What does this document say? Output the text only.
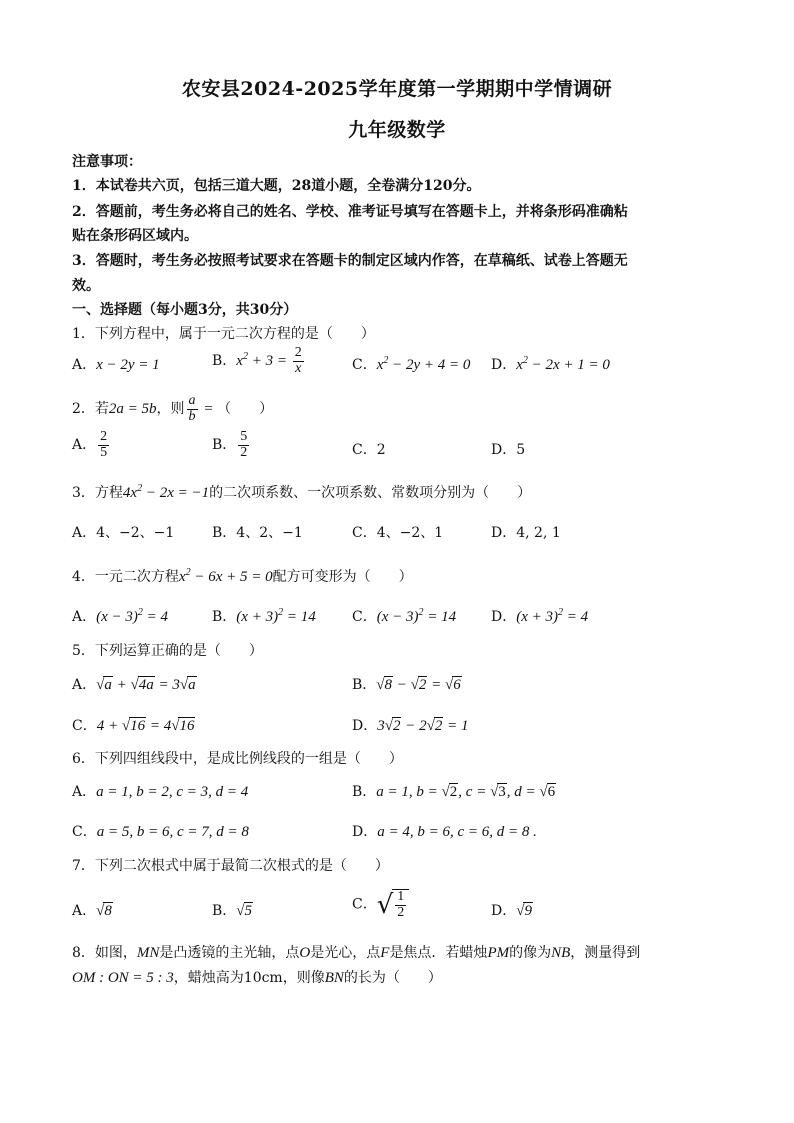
农安县2024-2025学年度第一学期期中学情调研
九年级数学
注意事项：
1．本试卷共六页，包括三道大题，28道小题，全卷满分120分。
2．答题前，考生务必将自己的姓名、学校、准考证号填写在答题卡上，并将条形码准确粘
贴在条形码区域内。
3．答题时，考生务必按照考试要求在答题卡的制定区域内作答，在草稿纸、试卷上答题无
效。
一、选择题（每小题3分，共30分）
1．下列方程中，属于一元二次方程的是（　　）
A．x − 2y = 1	B．$x^2 + 3 = \frac{2}{x}$	C．$x^2 - 2y + 4 = 0$ D．$x^2 - 2x + 1 = 0$
2．若2a = 5b，则 $\frac{a}{b}$ = （　　）
A． $\frac{2}{5}$	B． $\frac{5}{2}$	C．2	D．5
3．方程$4x^2 - 2x = -1$的二次项系数、一次项系数、常数项分别为（　　）
A．4、−2、−1	B．4、2、−1	C．4、−2、1	D．4, 2, 1
4．一元二次方程$x^2 - 6x + 5 = 0$配方可变形为（　　）
A．$(x - 3)^2 = 4$	B．$(x + 3)^2 = 14$	C．$(x - 3)^2 = 14$ D．$(x + 3)^2 = 4$
5．下列运算正确的是（　　）
A．√a + √4a = 3√a	B．√8 − √2 = √6
C．4 + √16 = 4√16	D．3√2 − 2√2 = 1
6．下列四组线段中，是成比例线段的一组是（　　）
A．a = 1, b = 2, c = 3, d = 4	B．a = 1, b = √2, c = √3, d = √6
C．a = 5, b = 6, c = 7, d = 8	D．a = 4, b = 6, c = 6, d = 8 .
7．下列二次根式中属于最简二次根式的是（　　）
A．√8	B．√5	C．√ $\frac{1}{2}$	D．√9
8．如图，MN是凸透镜的主光轴，点O是光心，点F是焦点．若蜡烛PM的像为NB，测量得到
OM : ON = 5 : 3，蜡烛高为10cm，则像BN的长为（　　）
